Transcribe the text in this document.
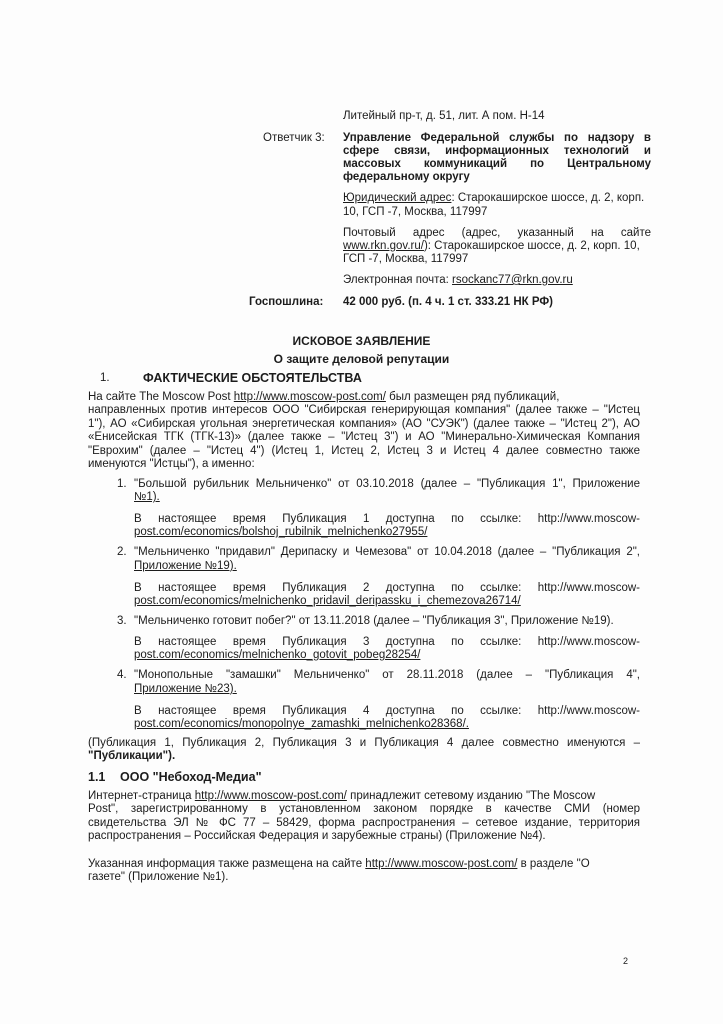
Литейный пр-т, д. 51, лит. А пом. Н-14
Ответчик 3: Управление Федеральной службы по надзору в
сфере связи, информационных технологий и
массовых коммуникаций по Центральному
федеральному округу
Юридический адрес: Старокаширское шоссе, д. 2, корп.
10, ГСП -7, Москва, 117997
Почтовый адрес (адрес, указанный на сайте
www.rkn.gov.ru/): Старокаширское шоссе, д. 2, корп. 10,
ГСП -7, Москва, 117997
Электронная почта: rsockanc77@rkn.gov.ru
Госпошлина: 42 000 руб. (п. 4 ч. 1 ст. 333.21 НК РФ)
ИСКОВОЕ ЗАЯВЛЕНИЕ
О защите деловой репутации
1.	ФАКТИЧЕСКИЕ ОБСТОЯТЕЛЬСТВА
На сайте The Moscow Post http://www.moscow-post.com/ был размещен ряд публикаций,
направленных против интересов ООО "Сибирская генерирующая компания" (далее также – "Истец
1"), АО «Сибирская угольная энергетическая компания» (АО "СУЭК") (далее также – "Истец 2"), АО
«Енисейская ТГК (ТГК-13)» (далее также – "Истец 3") и АО "Минерально-Химическая Компания
"Еврохим" (далее – "Истец 4") (Истец 1, Истец 2, Истец 3 и Истец 4 далее совместно также
именуются "Истцы"), а именно:
1. "Большой рубильник Мельниченко" от 03.10.2018 (далее – "Публикация 1", Приложение
№1).
В настоящее время Публикация 1 доступна по ссылке: http://www.moscow-
post.com/economics/bolshoj_rubilnik_melnichenko27955/
2. "Мельниченко "придавил" Дерипаску и Чемезова" от 10.04.2018 (далее – "Публикация 2",
Приложение №19).
В настоящее время Публикация 2 доступна по ссылке: http://www.moscow-
post.com/economics/melnichenko_pridavil_deripassku_i_chemezova26714/
3. "Мельниченко готовит побег?" от 13.11.2018 (далее – "Публикация 3", Приложение №19).
В настоящее время Публикация 3 доступна по ссылке: http://www.moscow-
post.com/economics/melnichenko_gotovit_pobeg28254/
4. "Монопольные "замашки" Мельниченко" от 28.11.2018 (далее – "Публикация 4",
Приложение №23).
В настоящее время Публикация 4 доступна по ссылке: http://www.moscow-
post.com/economics/monopolnye_zamashki_melnichenko28368/.
(Публикация 1, Публикация 2, Публикация 3 и Публикация 4 далее совместно именуются –
"Публикации").
1.1 ООО "Небоход-Медиа"
Интернет-страница http://www.moscow-post.com/ принадлежит сетевому изданию "The Moscow
Post", зарегистрированному в установленном законом порядке в качестве СМИ (номер
свидетельства ЭЛ № ФС 77 – 58429, форма распространения – сетевое издание, территория
распространения – Российская Федерация и зарубежные страны) (Приложение №4).
Указанная информация также размещена на сайте http://www.moscow-post.com/ в разделе "О
газете" (Приложение №1).
2
